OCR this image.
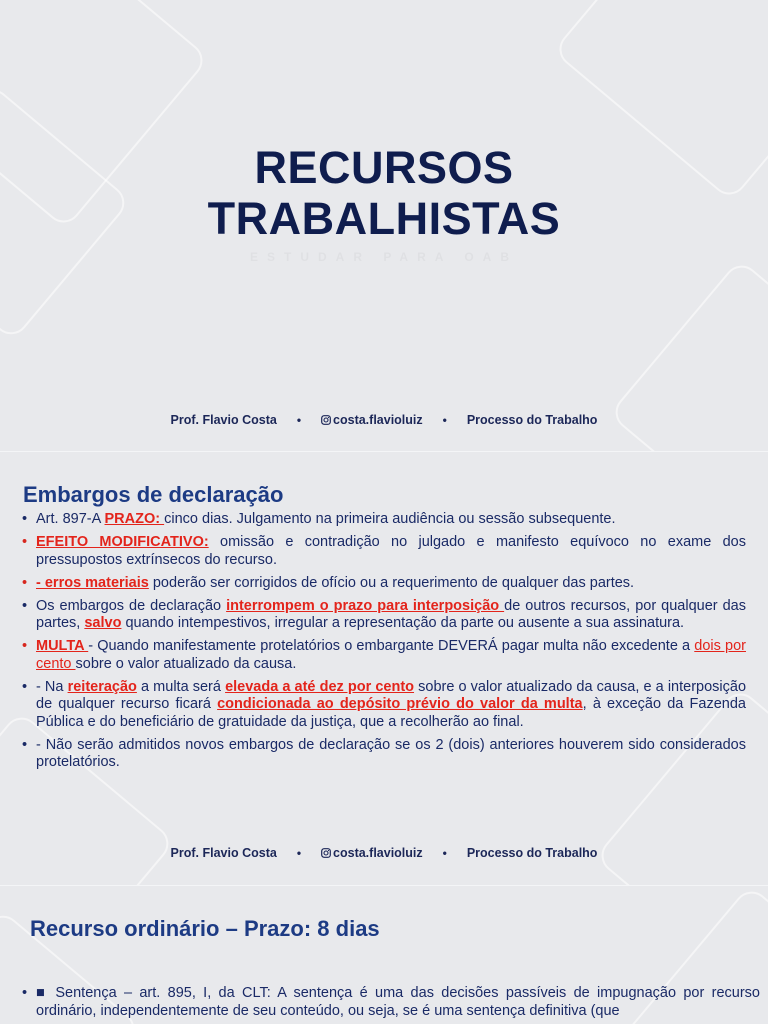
RECURSOS
TRABALHISTAS
Prof. Flavio Costa •	costa.flavioluiz • Processo do Trabalho
Embargos de declaração
• Art. 897-A PRAZO: cinco dias. Julgamento na primeira audiência ou sessão subsequente.
• EFEITO MODIFICATIVO: omissão e contradição no julgado e manifesto equívoco no exame dos pressupostos extrínsecos do recurso.
• - erros materiais poderão ser corrigidos de ofício ou a requerimento de qualquer das partes.
• Os embargos de declaração interrompem o prazo para interposição de outros recursos, por qualquer das partes, salvo quando intempestivos, irregular a representação da parte ou ausente a sua assinatura.
• MULTA - Quando manifestamente protelatórios o embargante DEVERÁ pagar multa não excedente a dois por cento sobre o valor atualizado da causa.
• - Na reiteração a multa será elevada a até dez por cento sobre o valor atualizado da causa, e a interposição de qualquer recurso ficará condicionada ao depósito prévio do valor da multa, à exceção da Fazenda Pública e do beneficiário de gratuidade da justiça, que a recolherão ao final.
• - Não serão admitidos novos embargos de declaração se os 2 (dois) anteriores houverem sido considerados protelatórios.
Prof. Flavio Costa •	costa.flavioluiz • Processo do Trabalho
Recurso ordinário – Prazo: 8 dias
• ■ Sentença – art. 895, I, da CLT: A sentença é uma das decisões passíveis de impugnação por recurso ordinário, independentemente de seu conteúdo, ou seja, se é uma sentença definitiva (que
